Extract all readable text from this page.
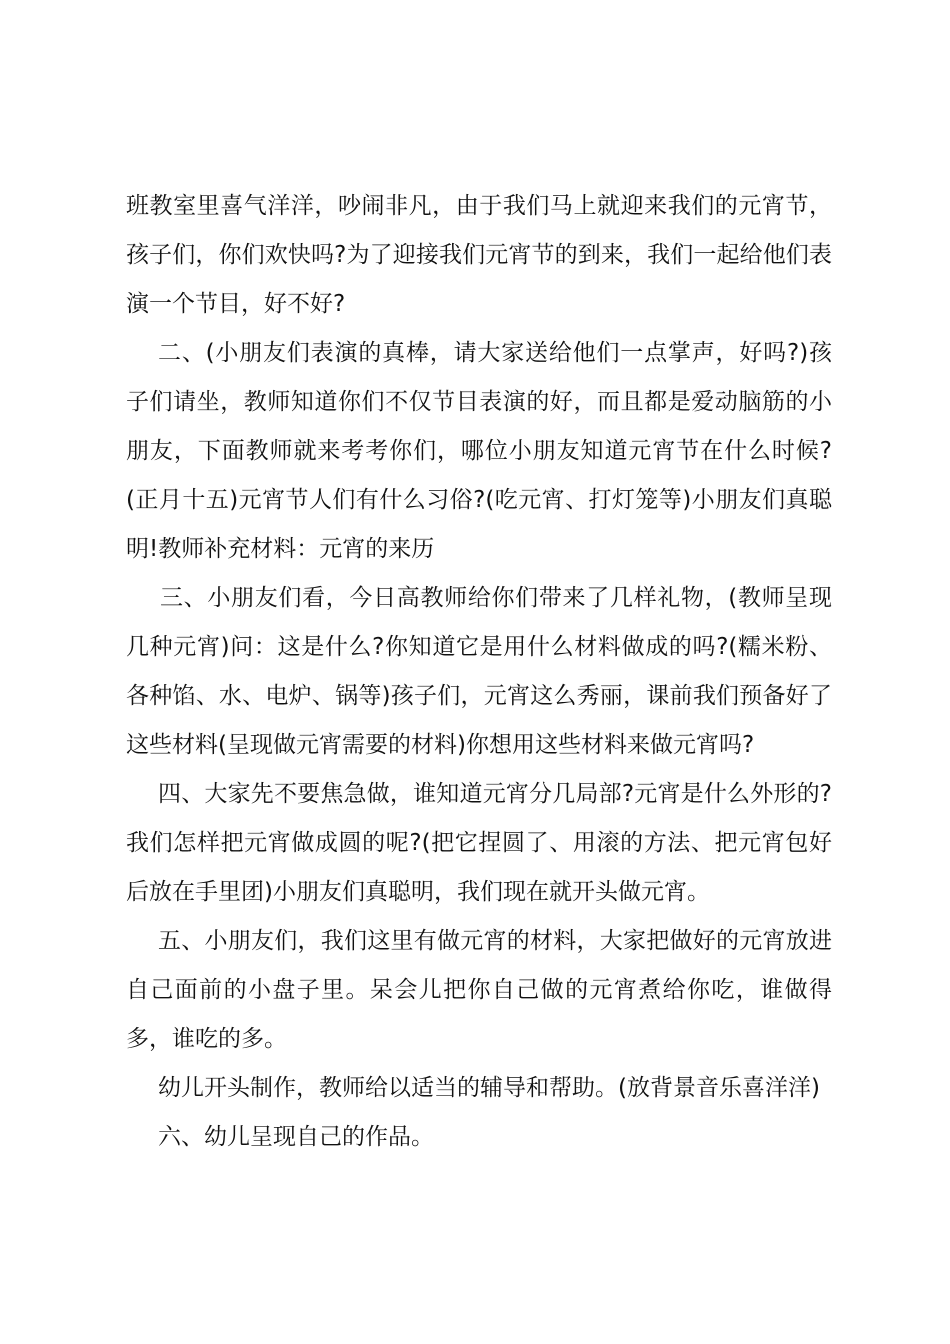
班教室里喜气洋洋，吵闹非凡，由于我们马上就迎来我们的元宵节，孩子们，你们欢快吗?为了迎接我们元宵节的到来，我们一起给他们表演一个节目，好不好?

二、(小朋友们表演的真棒，请大家送给他们一点掌声，好吗?)孩子们请坐，教师知道你们不仅节目表演的好，而且都是爱动脑筋的小朋友，下面教师就来考考你们，哪位小朋友知道元宵节在什么时候?(正月十五)元宵节人们有什么习俗?(吃元宵、打灯笼等)小朋友们真聪明!教师补充材料：元宵的来历

三、小朋友们看，今日高教师给你们带来了几样礼物，(教师呈现几种元宵)问：这是什么?你知道它是用什么材料做成的吗?(糯米粉、各种馅、水、电炉、锅等)孩子们，元宵这么秀丽，课前我们预备好了这些材料(呈现做元宵需要的材料)你想用这些材料来做元宵吗?

四、大家先不要焦急做，谁知道元宵分几局部?元宵是什么外形的?我们怎样把元宵做成圆的呢?(把它捏圆了、用滚的方法、把元宵包好后放在手里团)小朋友们真聪明，我们现在就开头做元宵。

五、小朋友们，我们这里有做元宵的材料，大家把做好的元宵放进自己面前的小盘子里。呆会儿把你自己做的元宵煮给你吃，谁做得多，谁吃的多。

幼儿开头制作，教师给以适当的辅导和帮助。(放背景音乐喜洋洋)

六、幼儿呈现自己的作品。
